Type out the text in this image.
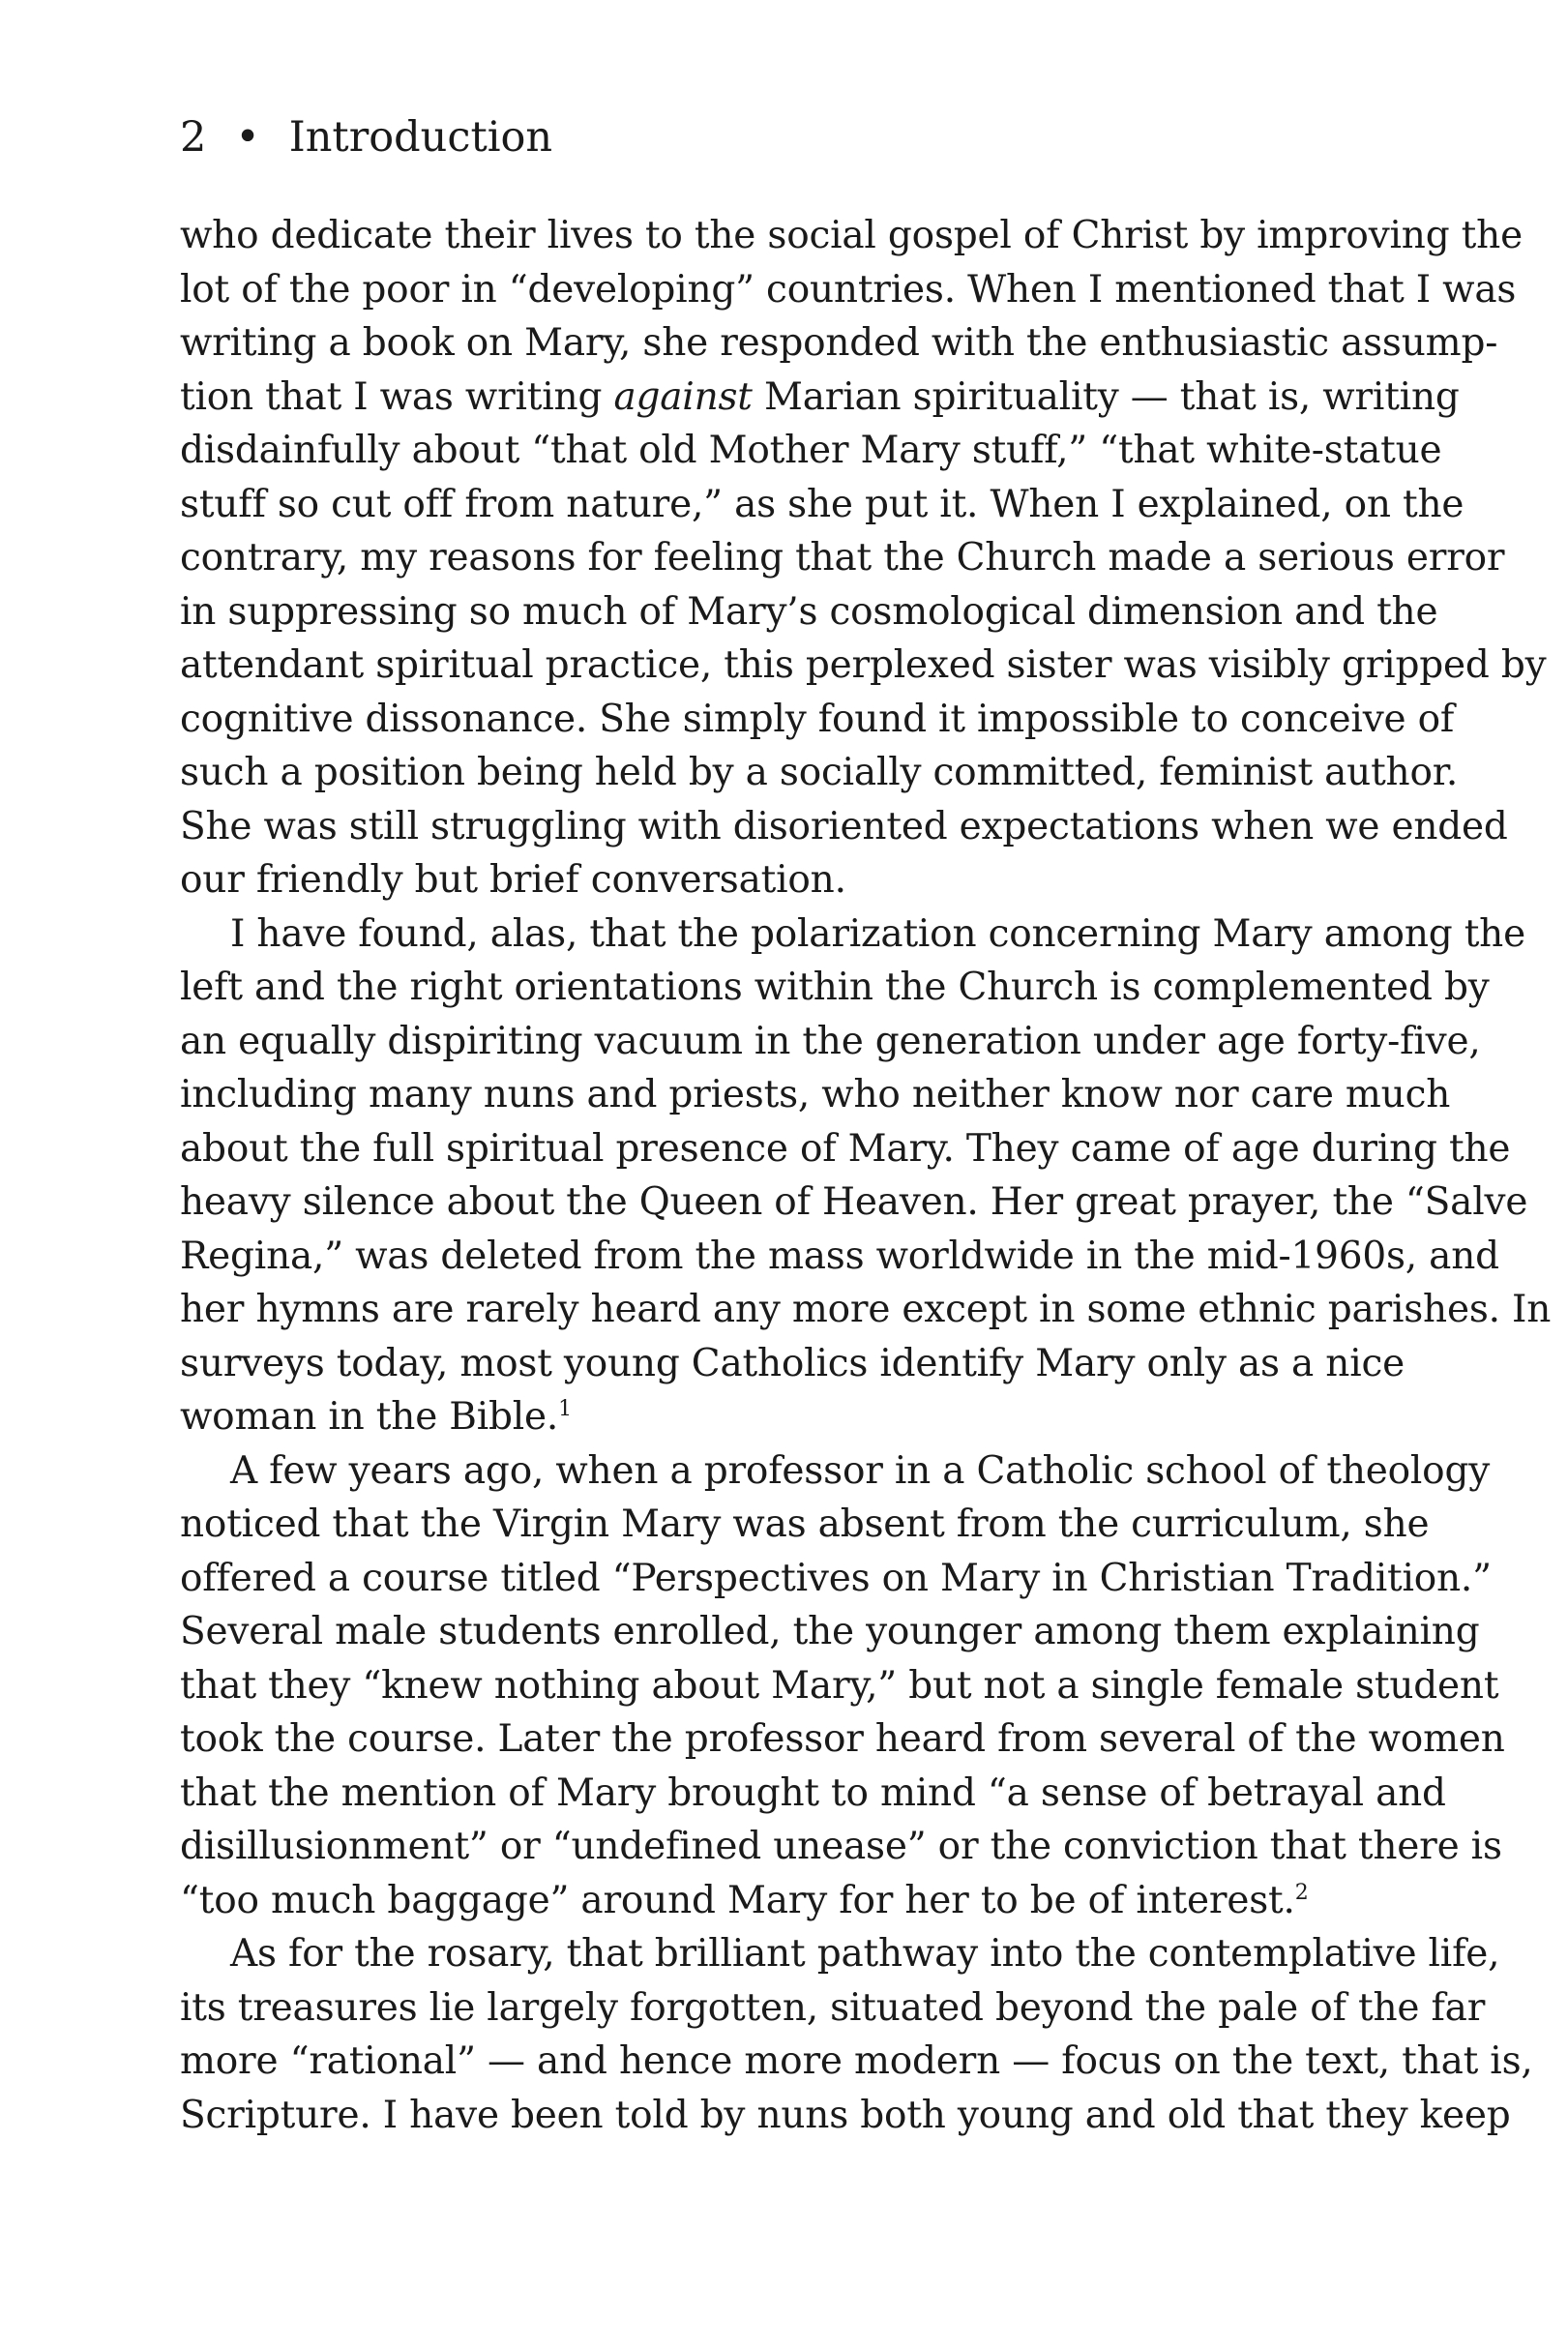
2 • Introduction
who dedicate their lives to the social gospel of Christ by improving the
lot of the poor in “developing” countries. When I mentioned that I was
writing a book on Mary, she responded with the enthusiastic assump-
tion that I was writing against Marian spirituality — that is, writing
disdainfully about “that old Mother Mary stuff,” “that white-statue
stuff so cut off from nature,” as she put it. When I explained, on the
contrary, my reasons for feeling that the Church made a serious error
in suppressing so much of Mary’s cosmological dimension and the
attendant spiritual practice, this perplexed sister was visibly gripped by
cognitive dissonance. She simply found it impossible to conceive of
such a position being held by a socially committed, feminist author.
She was still struggling with disoriented expectations when we ended
our friendly but brief conversation.
I have found, alas, that the polarization concerning Mary among the
left and the right orientations within the Church is complemented by
an equally dispiriting vacuum in the generation under age forty-five,
including many nuns and priests, who neither know nor care much
about the full spiritual presence of Mary. They came of age during the
heavy silence about the Queen of Heaven. Her great prayer, the “Salve
Regina,” was deleted from the mass worldwide in the mid-1960s, and
her hymns are rarely heard any more except in some ethnic parishes. In
surveys today, most young Catholics identify Mary only as a nice
woman in the Bible.$^1$
A few years ago, when a professor in a Catholic school of theology
noticed that the Virgin Mary was absent from the curriculum, she
offered a course titled “Perspectives on Mary in Christian Tradition.”
Several male students enrolled, the younger among them explaining
that they “knew nothing about Mary,” but not a single female student
took the course. Later the professor heard from several of the women
that the mention of Mary brought to mind “a sense of betrayal and
disillusionment” or “undefined unease” or the conviction that there is
“too much baggage” around Mary for her to be of interest.$^2$
As for the rosary, that brilliant pathway into the contemplative life,
its treasures lie largely forgotten, situated beyond the pale of the far
more “rational” — and hence more modern — focus on the text, that is,
Scripture. I have been told by nuns both young and old that they keep
